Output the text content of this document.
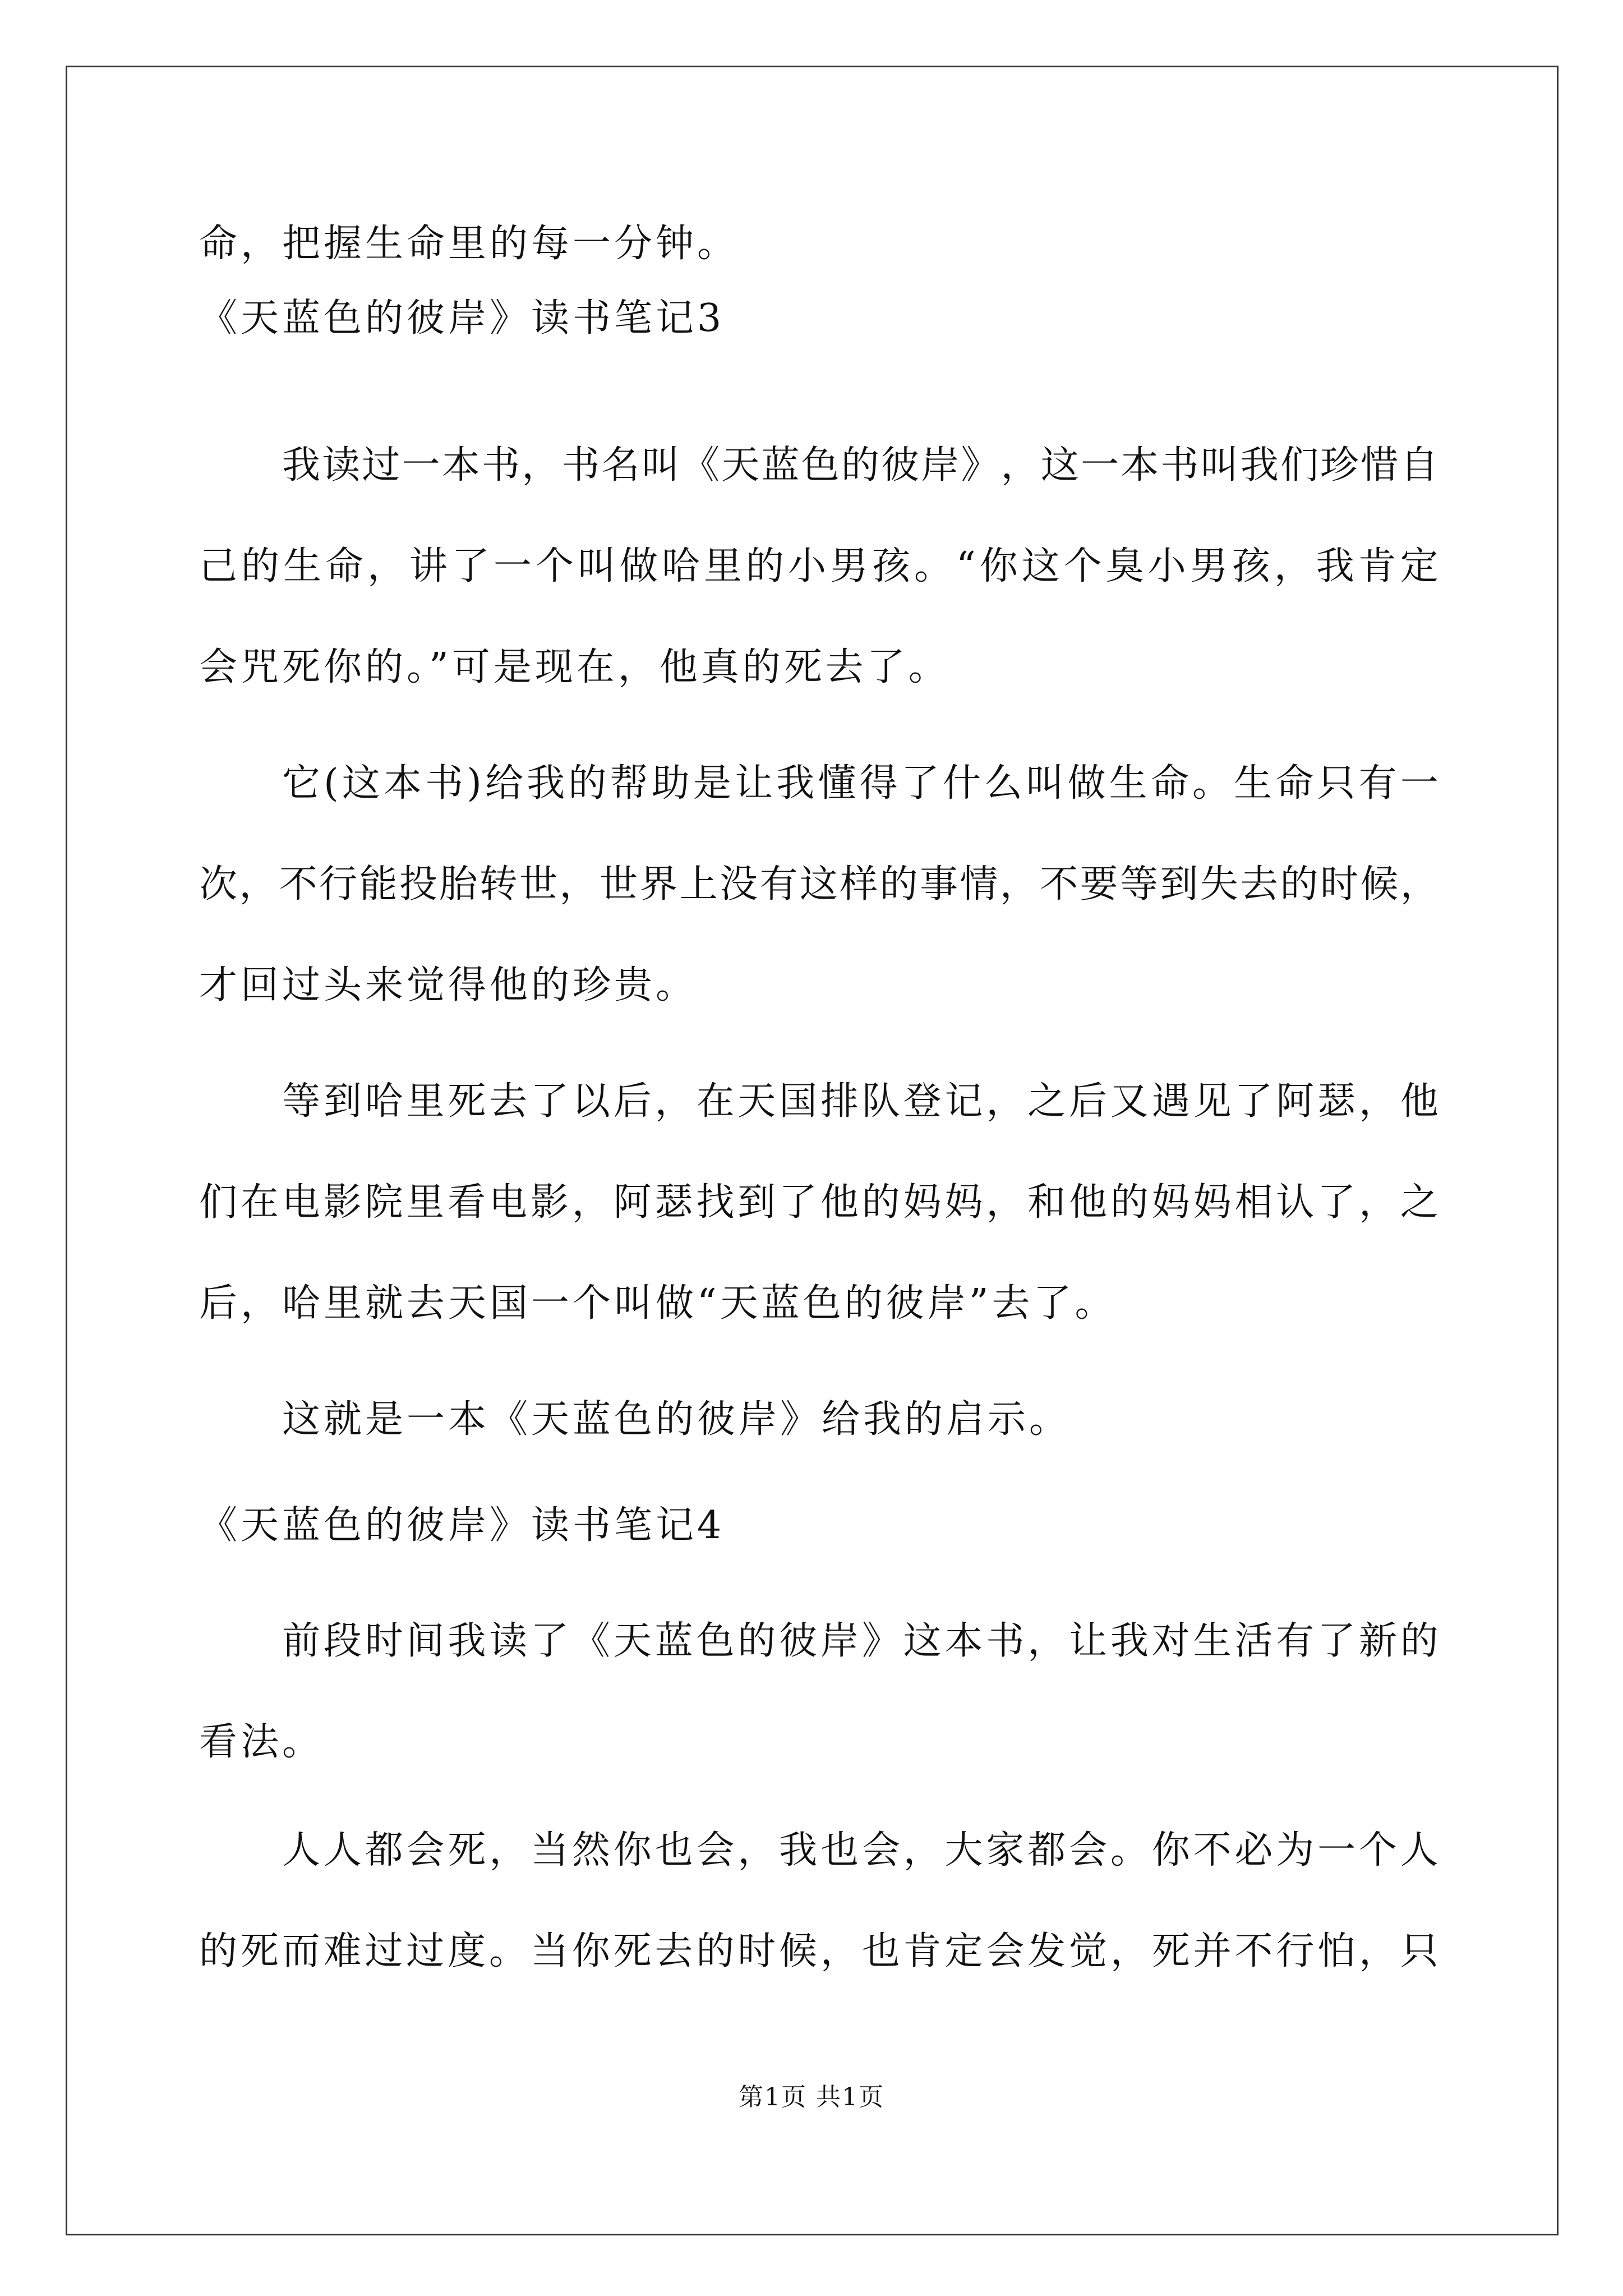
命，把握生命里的每一分钟。
《天蓝色的彼岸》读书笔记3
我 读 过 一 本 书 ， 书 名 叫 《 天 蓝 色 的 彼 岸 》 ， 这 一 本 书 叫 我 们 珍 惜 自
己 的 生 命 ， 讲 了 一 个 叫 做 哈 里 的 小 男 孩 。 “ 你 这 个 臭 小 男 孩 ， 我 肯 定
会咒死你的。”可是现在，他真的死去了。
它 ( 这 本 书 ) 给 我 的 帮 助 是 让 我 懂 得 了 什 么 叫 做 生 命 。 生 命 只 有 一
次 ， 不 行 能 投 胎 转 世 ， 世 界 上 没 有 这 样 的 事 情 ， 不 要 等 到 失 去 的 时 候 ，
才回过头来觉得他的珍贵。
等 到 哈 里 死 去 了 以 后 ， 在 天 国 排 队 登 记 ， 之 后 又 遇 见 了 阿 瑟 ， 他
们 在 电 影 院 里 看 电 影 ， 阿 瑟 找 到 了 他 的 妈 妈 ， 和 他 的 妈 妈 相 认 了 ， 之
后，哈里就去天国一个叫做“天蓝色的彼岸”去了。
这就是一本《天蓝色的彼岸》给我的启示。
《天蓝色的彼岸》读书笔记4
前 段 时 间 我 读 了 《 天 蓝 色 的 彼 岸 》 这 本 书 ， 让 我 对 生 活 有 了 新 的
看法。
人 人 都 会 死 ， 当 然 你 也 会 ， 我 也 会 ， 大 家 都 会 。 你 不 必 为 一 个 人
的 死 而 难 过 过 度 。 当 你 死 去 的 时 候 ， 也 肯 定 会 发 觉 ， 死 并 不 行 怕 ， 只
第1页 共1页
